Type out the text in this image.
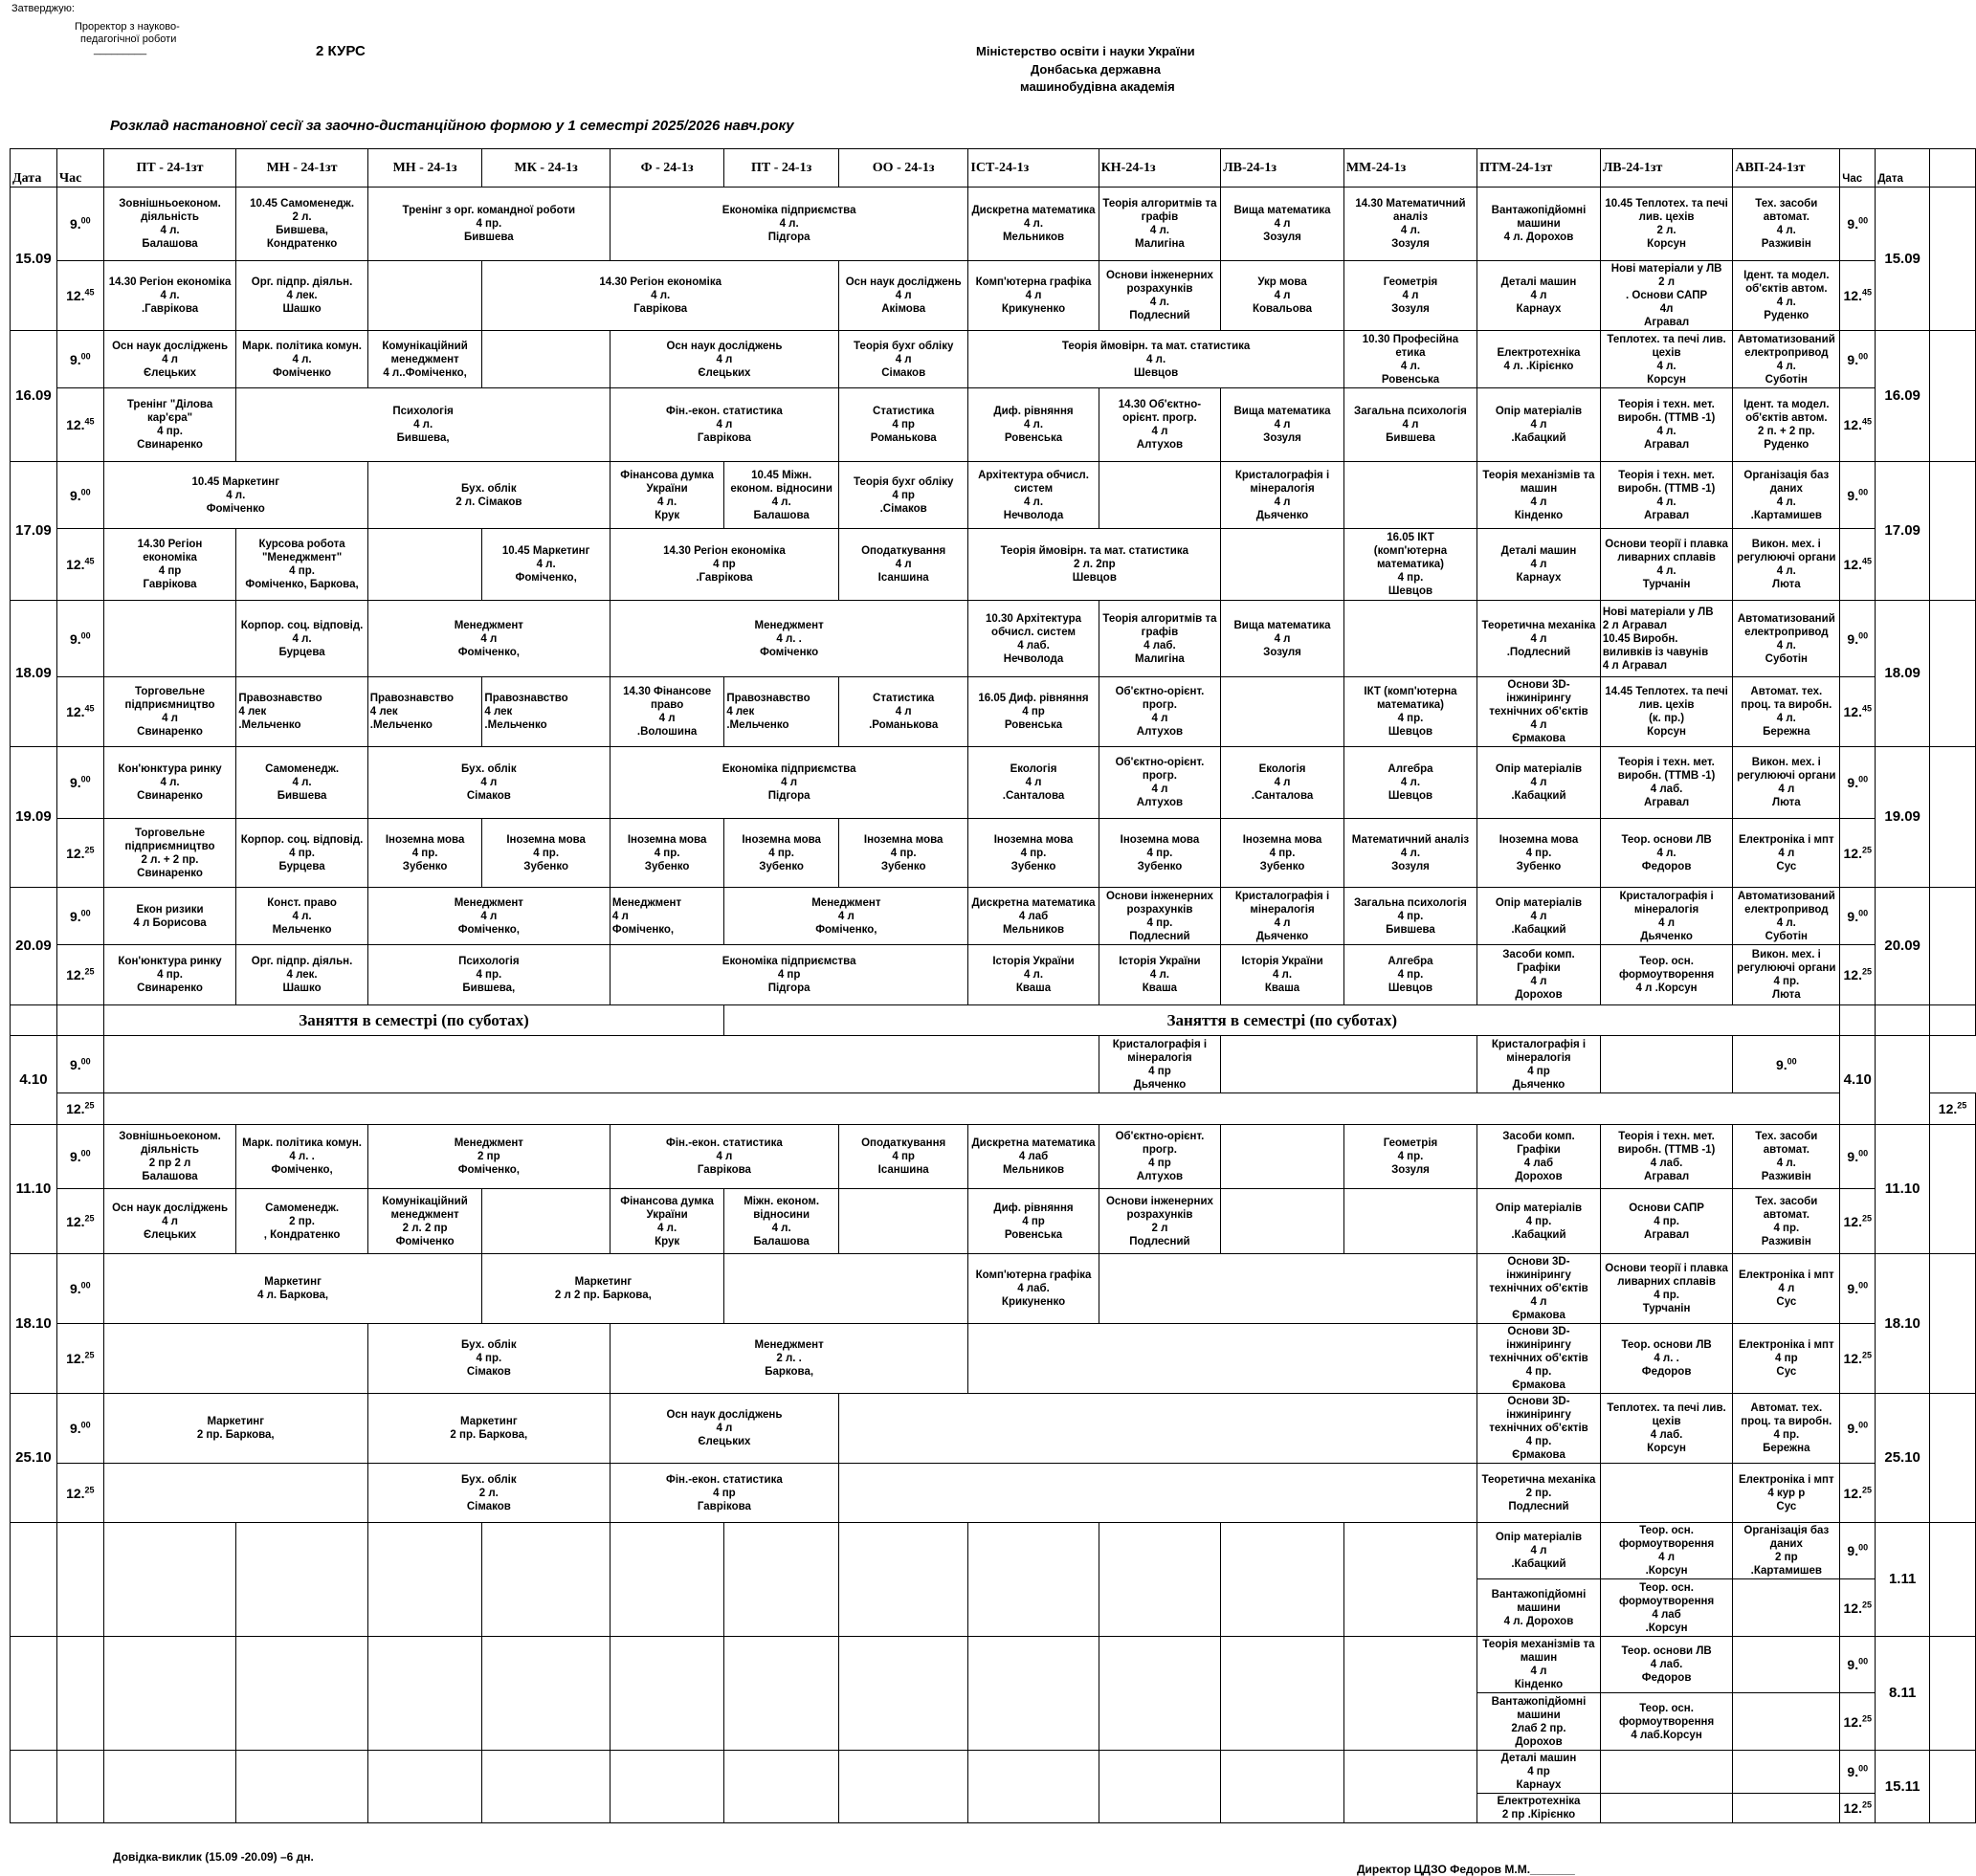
Затверджую:
Проректор з науково-
педагогічної роботи
_________	2 КУРС	Міністерство освіти і науки України
Донбаська державна
машинобудівна академія
Розклад настановної сесії за заочно-дистанційною формою у 1 семестрі 2025/2026 навч.року
Дата	Час	ПТ - 24-1зт	МН - 24-1зт	МН - 24-1з	МК - 24-1з	Ф - 24-1з	ПТ - 24-1з	ОО - 24-1з	ІСТ-24-1з	КН-24-1з	ЛВ-24-1з	ММ-24-1з	ПТМ-24-1зт	ЛВ-24-1зт	АВП-24-1зт	Час	Дата	
15.09	9.00	Зовнішньоеконом.
діяльність
4 л.
Балашова	10.45 Самоменедж.
2 л.
Бившева,
Кондратенко	Тренінг з орг. командної роботи
4 пр.
Бившева		Економіка підприємства
4 л.
Підгора			Дискретна математика
4 л.
Мельников	Теорія алгоритмів та
графів
4 л.
Малигіна	Вища математика
4 л
Зозуля	14.30 Математичний
аналіз
4 л.
Зозуля	Вантажопідйомні
машини
4 л. Дорохов	10.45 Теплотех. та печі
лив. цехів
2 л.
Корсун	Тех. засоби
автомат.
4 л.
Разживін	9.00	15.09	
	12.45	14.30 Регіон економіка
4 л.
.Гаврікова	Орг. підпр. діяльн.
4 лек.
Шашко		14.30 Регіон економіка
4 л.
Гаврікова			Осн наук досліджень
4 л
Акімова	Комп'ютерна графіка
4 л
Крикуненко	Основи інженерних
розрахунків
4 л.
Подлесний	Укр мова
4 л
Ковальова	Геометрія
4 л
Зозуля	Деталі машин
4 л
Карнаух	Нові матеріали у ЛВ
2 л
. Основи САПР
4л
Агравал	Ідент. та модел.
об'єктів автом.
4 л.
Руденко	12.45
16.09	9.00	Осн наук досліджень
4 л
Єлецьких	Марк. політика комун.
4 л.
Фоміченко	Комунікаційний
менеджмент
4 л..Фоміченко,		Осн наук досліджень
4 л
Єлецьких		Теорія бухг обліку
4 л
Сімаков	Теорія ймовірн. та мат. статистика
4 л.
Шевцов			10.30 Професійна
етика
4 л.
Ровенська	Електротехніка
4 л. .Кірієнко	Теплотех. та печі лив.
цехів
4 л.
Корсун	Автоматизований
електропривод
4 л.
Суботін	9.00	16.09	
	12.45	Тренінг "Ділова
кар'єра"
4 пр.
Свинаренко	Психологія
4 л.
Бившева,			Фін.-екон. статистика
4 л
Гаврікова		Статистика
4 пр
Романькова	Диф. рівняння
4 л.
Ровенська	14.30 Об'єктно-
орієнт. прогр.
4 л
Алтухов	Вища математика
4 л
Зозуля	Загальна психологія
4 л
Бившева	Опір матеріалів
4 л
.Кабацкий	Теорія і техн. мет.
виробн. (ТТМВ -1)
4 л.
Агравал	Ідент. та модел.
об'єктів автом.
2 п. + 2 пр.
Руденко	12.45
17.09	9.00	10.45 Маркетинг
4 л.
Фоміченко		Бух. облік
2 л. Сімаков		Фінансова думка
України
4 л.
Крук	10.45 Міжн.
економ. відносини
4 л.
Балашова	Теорія бухг обліку
4 пр
.Сімаков	Архітектура обчисл.
систем
4 л.
Нечволода		Кристалографія і
мінералогія
4 л
Дьяченко		Теорія механізмів та
машин
4 л
Кінденко	Теорія і техн. мет.
виробн. (ТТМВ -1)
4 л.
Агравал	Організація баз
даних
4 л.
.Картамишев	9.00	17.09	
	12.45	14.30 Регіон
економіка
4 пр
Гаврікова	Курсова робота
"Менеджмент"
4 пр.
Фоміченко, Баркова,		10.45 Маркетинг
4 л.
Фоміченко,	14.30 Регіон економіка
4 пр
.Гаврікова		Оподаткування
4 л
Ісаншина	Теорія ймовірн. та мат. статистика
2 л. 2пр
Шевцов			16.05 ІКТ
(комп'ютерна
математика)
4 пр.
Шевцов	Деталі машин
4 л
Карнаух	Основи теорії і плавка
ливарних сплавів
4 л.
Турчанін	Викон. мех. і
регулюючі органи
4 л.
Люта	12.45
18.09	9.00		Корпор. соц. відповід.
4 л.
Бурцева	Менеджмент
4 л
Фоміченко,		Менеджмент
4 л. .
Фоміченко			10.30 Архітектура
обчисл. систем
4 лаб.
Нечволода	Теорія алгоритмів та
графів
4 лаб.
Малигіна	Вища математика
4 л
Зозуля		Теоретична механіка
4 л
.Подлесний	Нові матеріали у ЛВ
2 л Агравал
10.45 Виробн.
виливків із чавунів
4 л Агравал	Автоматизований
електропривод
4 л.
Суботін	9.00	18.09	
	12.45	Торговельне
підприємництво
4 л
Свинаренко	Правознавство
4 лек
.Мельченко	Правознавство
4 лек
.Мельченко	Правознавство
4 лек
.Мельченко	14.30 Фінансове
право
4 л
.Волошина	Правознавство
4 лек
.Мельченко	Статистика
4 л
.Романькова	16.05 Диф. рівняння
4 пр
Ровенська	Об'єктно-орієнт.
прогр.
4 л
Алтухов		ІКТ (комп'ютерна
математика)
4 пр.
Шевцов	Основи 3D-
інжинірингу
технічних об'єктів
4 л
Єрмакова	14.45 Теплотех. та печі
лив. цехів
(к. пр.)
Корсун	Автомат. тех.
проц. та виробн.
4 л.
Бережна	12.45
19.09	9.00	Кон'юнктура ринку
4 л.
Свинаренко	Самоменедж.
4 л.
Бившева	Бух. облік
4 л
Сімаков		Економіка підприємства
4 л
Підгора			Екологія
4 л
.Санталова	Об'єктно-орієнт.
прогр.
4 л
Алтухов	Екологія
4 л
.Санталова	Алгебра
4 л.
Шевцов	Опір матеріалів
4 л
.Кабацкий	Теорія і техн. мет.
виробн. (ТТМВ -1)
4 лаб.
Агравал	Викон. мех. і
регулюючі органи
4 л
Люта	9.00	19.09	
	12.25	Торговельне
підприємництво
2 л. + 2 пр.
Свинаренко	Корпор. соц. відповід.
4 пр.
Бурцева	Іноземна мова
4 пр.
Зубенко	Іноземна мова
4 пр.
Зубенко	Іноземна мова
4 пр.
Зубенко	Іноземна мова
4 пр.
Зубенко	Іноземна мова
4 пр.
Зубенко	Іноземна мова
4 пр.
Зубенко	Іноземна мова
4 пр.
Зубенко	Іноземна мова
4 пр.
Зубенко	Математичний аналіз
4 л.
Зозуля	Іноземна мова
4 пр.
Зубенко	Теор. основи ЛВ
4 л.
Федоров	Електроніка і мпт
4 л
Сус	12.25
20.09	9.00	Екон ризики
4 л Борисова	Конст. право
4 л.
Мельченко	Менеджмент
4 л
Фоміченко,		Менеджмент
4 л
Фоміченко,	Менеджмент
4 л
Фоміченко,		Дискретна математика
4 лаб
Мельников	Основи інженерних
розрахунків
4 пр.
Подлесний	Кристалографія і
мінералогія
4 л
Дьяченко	Загальна психологія
4 пр.
Бившева	Опір матеріалів
4 л
.Кабацкий	Кристалографія і
мінералогія
4 л
Дьяченко	Автоматизований
електропривод
4 л.
Суботін	9.00	20.09	
	12.25	Кон'юнктура ринку
4 пр.
Свинаренко	Орг. підпр. діяльн.
4 лек.
Шашко	Психологія
4 пр.
Бившева,		Економіка підприємства
4 пр
Підгора			Історія України
4 л.
Кваша	Історія України
4 л.
Кваша	Історія України
4 л.
Кваша	Алгебра
4 пр.
Шевцов	Засоби комп.
Графіки
4 л
Дорохов	Теор. осн.
формоутворення
4 л .Корсун	Викон. мех. і
регулюючі органи
4 пр.
Люта	12.25
		Заняття в семестрі (по суботах)					Заняття в семестрі (по суботах)											
4.10	9.00									Кристалографія і
мінералогія
4 пр
Дьяченко			Кристалографія і
мінералогія
4 пр
Дьяченко		9.00	4.10		
	12.25																	12.25
11.10	9.00	Зовнішньоеконом.
діяльність
2 пр 2 л
Балашова	Марк. політика комун.
4 л. .
Фоміченко,	Менеджмент
2 пр
Фоміченко,		Фін.-екон. статистика
4 л
Гаврікова		Оподаткування
4 пр
Ісаншина	Дискретна математика
4 лаб
Мельников	Об'єктно-орієнт.
прогр.
4 пр
Алтухов		Геометрія
4 пр.
Зозуля	Засоби комп.
Графіки
4 лаб
Дорохов	Теорія і техн. мет.
виробн. (ТТМВ -1)
4 лаб.
Агравал	Тех. засоби
автомат.
4 л.
Разживін	9.00	11.10	
	12.25	Осн наук досліджень
4 л
Єлецьких	Самоменедж.
2 пр.
, Кондратенко	Комунікаційний
менеджмент
2 л. 2 пр
Фоміченко		Фінансова думка
України
4 л.
Крук	Міжн. економ.
відносини
4 л.
Балашова		Диф. рівняння
4 пр
Ровенська	Основи інженерних
розрахунків
2 л
Подлесний			Опір матеріалів
4 пр.
.Кабацкий	Основи САПР
4 пр.
Агравал	Тех. засоби
автомат.
4 пр.
Разживін	12.25
18.10	9.00	Маркетинг
4 л. Баркова,			Маркетинг
2 л 2 пр. Баркова,				Комп'ютерна графіка
4 лаб.
Крикуненко				Основи 3D-
інжинірингу
технічних об'єктів
4 л
Єрмакова	Основи теорії і плавка
ливарних сплавів
4 пр.
Турчанін	Електроніка і мпт
4 л
Сус	9.00	18.10	
	12.25			Бух. облік
4 пр.
Сімаков		Менеджмент
2 л. .
Баркова,							Основи 3D-
інжинірингу
технічних об'єктів
4 пр.
Єрмакова	Теор. основи ЛВ
4 л. .
Федоров	Електроніка і мпт
4 пр
Сус	12.25
25.10	9.00	Маркетинг
2 пр. Баркова,		Маркетинг
2 пр. Баркова,		Осн наук досліджень
4 л
Єлецьких							Основи 3D-
інжинірингу
технічних об'єктів
4 пр.
Єрмакова	Теплотех. та печі лив.
цехів
4 лаб.
Корсун	Автомат. тех.
проц. та виробн.
4 пр.
Бережна	9.00	25.10	
	12.25			Бух. облік
2 л.
Сімаков		Фін.-екон. статистика
4 пр
Гаврікова							Теоретична механіка
2 пр.
Подлесний		Електроніка і мпт
4 кур р
Сус	12.25
													Опір матеріалів
4 л
.Кабацкий	Теор. осн.
формоутворення
4 л
.Корсун	Організація баз
даних
2 пр
.Картамишев	9.00	1.11	
													Вантажопідйомні
машини
4 л. Дорохов	Теор. осн.
формоутворення
4 лаб
.Корсун		12.25
													Теорія механізмів та
машин
4 л
Кінденко	Теор. основи ЛВ
4 лаб.
Федоров		9.00	8.11	
													Вантажопідйомні
машини
2лаб 2 пр.
Дорохов	Теор. осн.
формоутворення
4 лаб.Корсун		12.25
													Деталі машин
4 пр
Карнаух			9.00	15.11	
													Електротехніка
2 пр .Кірієнко			12.25
Довідка-виклик (15.09 -20.09) –6 дн.
Директор ЦДЗО Федоров М.М._______
